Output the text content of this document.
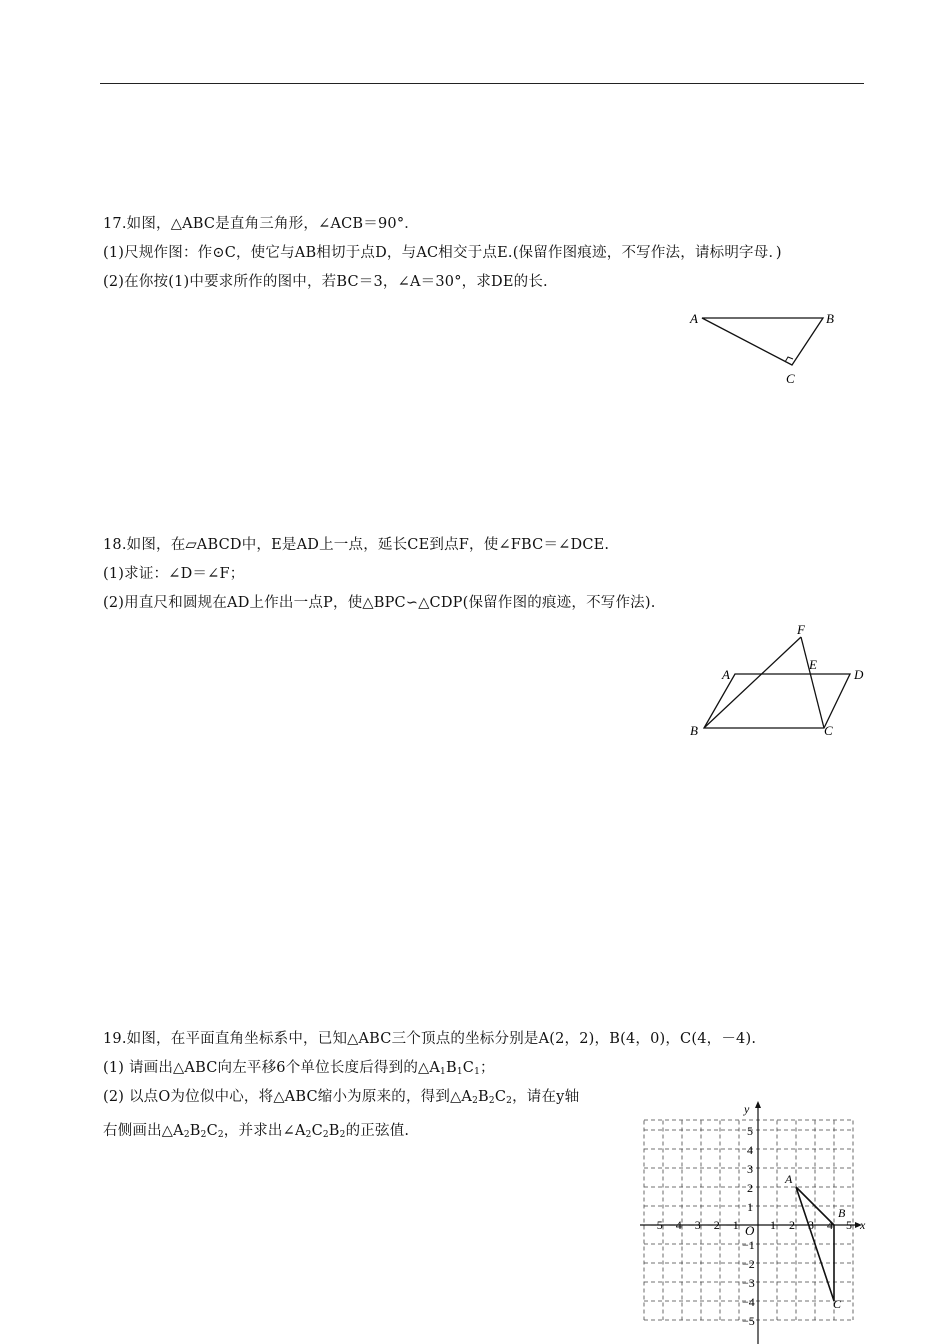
17.如图，△ABC是直角三角形，∠ACB＝90°．
(1)尺规作图：作⊙C，使它与AB相切于点D，与AC相交于点E.(保留作图痕迹，不写作法，请标明字母．)
(2)在你按(1)中要求所作的图中，若BC＝3，∠A＝30°，求DE的长.
A	B
C
18.如图，在▱ABCD中，E是AD上一点，延长CE到点F，使∠FBC＝∠DCE.
(1)求证：∠D＝∠F；
(2)用直尺和圆规在AD上作出一点P，使△BPC∽△CDP(保留作图的痕迹，不写作法).
A
B	C
D
E
F
19.如图，在平面直角坐标系中，已知△ABC三个顶点的坐标分别是A(2，2)，B(4，0)，C(4，－4).
(1) 请画出△ABC向左平移6个单位长度后得到的$\triangle A_1B_1C_1$；
(2) 以点O为位似中心，将△ABC缩小为原来的，得到$\triangle A_2B_2C_2$，请在y轴
右侧画出$\triangle A_2B_2C_2$，并求出$\angle A_2C_2B_2$的正弦值.
−5 −4 −3 −2 −1	1 2 3 4 5
5
4
3
2
1
−1
−2
−3
−4
−5
x
y
O
A
B
C
